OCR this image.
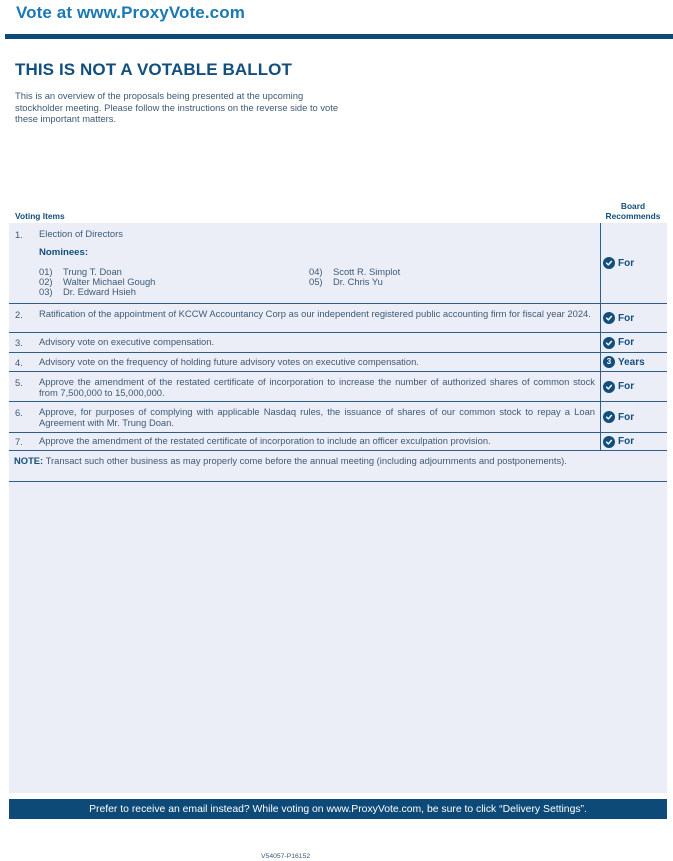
Vote at www.ProxyVote.com
THIS IS NOT A VOTABLE BALLOT
This is an overview of the proposals being presented at the upcoming stockholder meeting. Please follow the instructions on the reverse side to vote these important matters.
Voting Items
Board Recommends
1. Election of Directors
Nominees:
01) Trung T. Doan
02) Walter Michael Gough
03) Dr. Edward Hsieh
04) Scott R. Simplot
05) Dr. Chris Yu
For
2. Ratification of the appointment of KCCW Accountancy Corp as our independent registered public accounting firm for fiscal year 2024.	For
3. Advisory vote on executive compensation.	For
4. Advisory vote on the frequency of holding future advisory votes on executive compensation.	3 Years
5. Approve the amendment of the restated certificate of incorporation to increase the number of authorized shares of common stock from 7,500,000 to 15,000,000.	For
6. Approve, for purposes of complying with applicable Nasdaq rules, the issuance of shares of our common stock to repay a Loan Agreement with Mr. Trung Doan.	For
7. Approve the amendment of the restated certificate of incorporation to include an officer exculpation provision.	For
NOTE: Transact such other business as may properly come before the annual meeting (including adjournments and postponements).
Prefer to receive an email instead? While voting on www.ProxyVote.com, be sure to click “Delivery Settings”.
V54057-P16152
